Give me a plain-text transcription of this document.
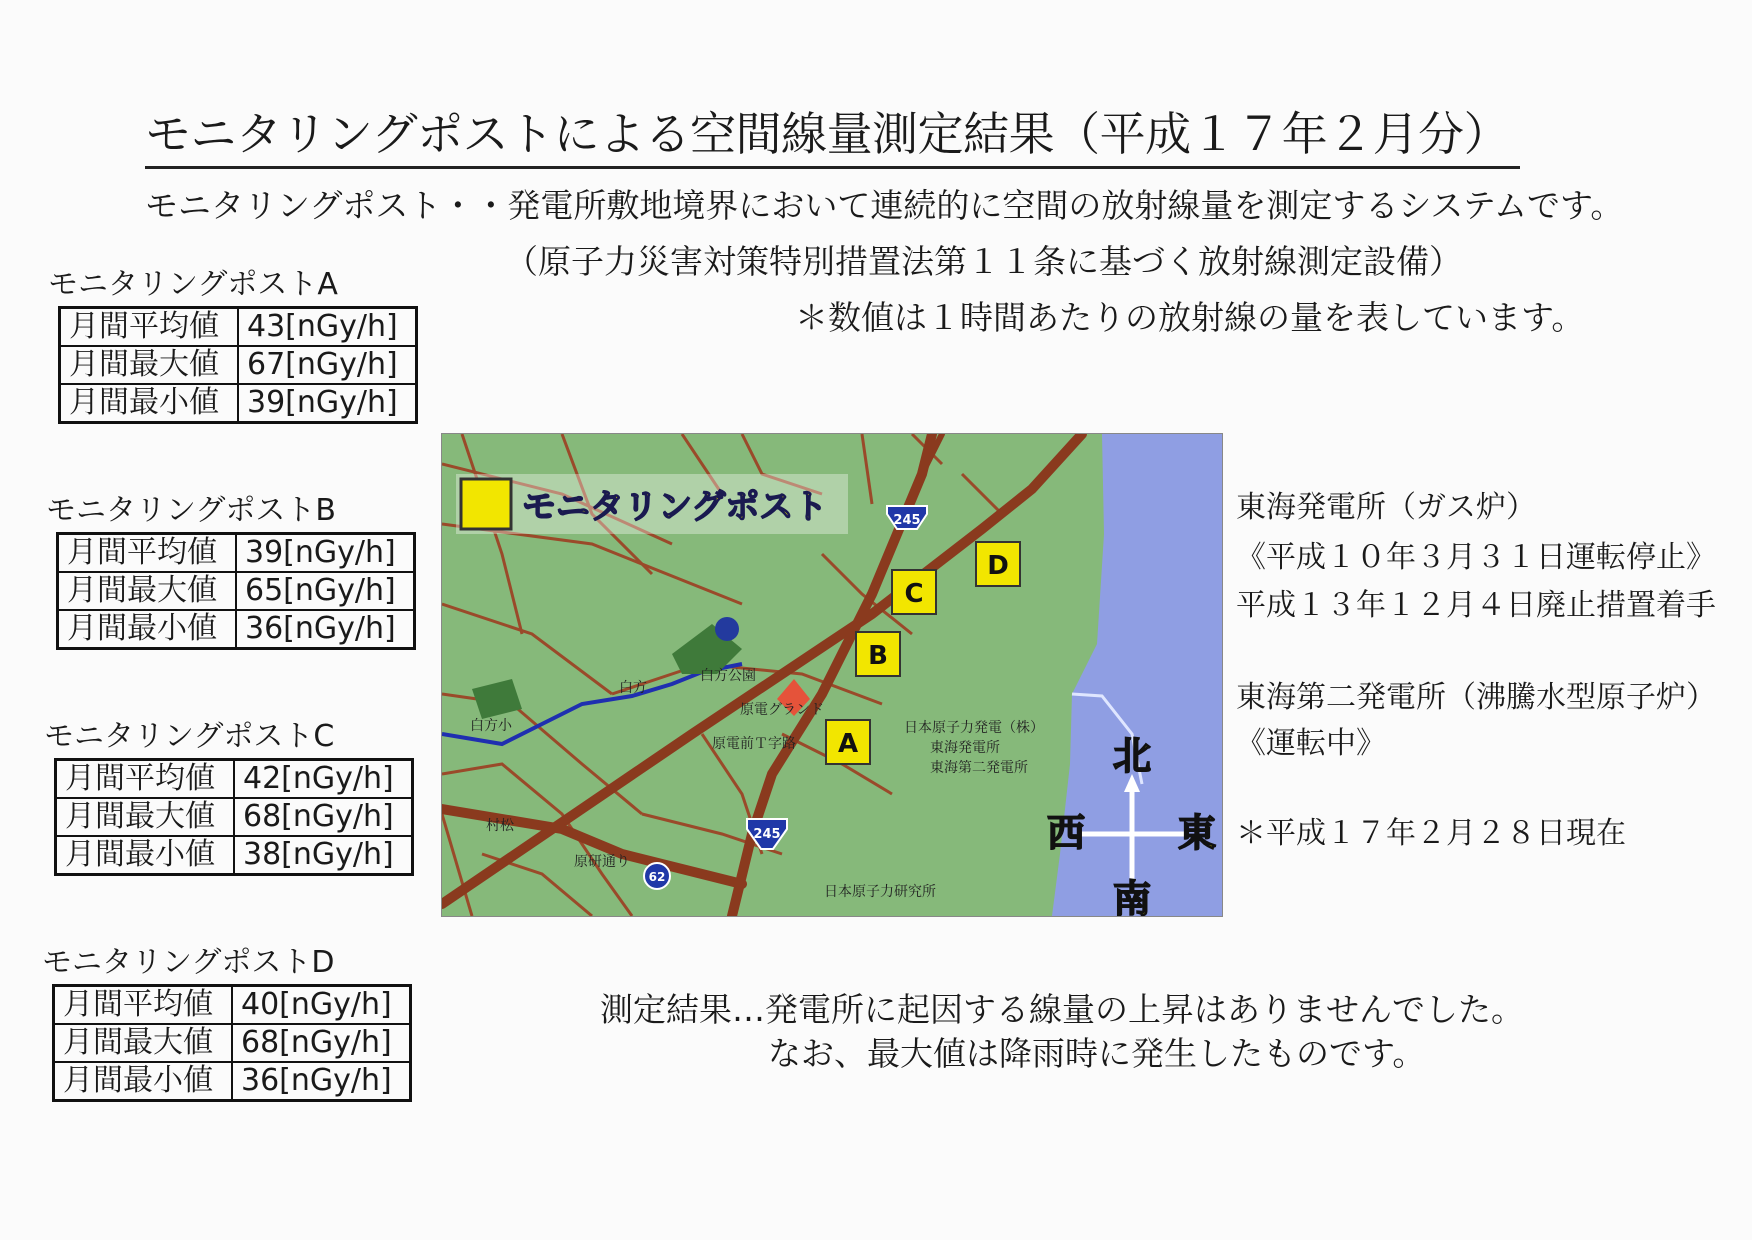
モニタリングポストによる空間線量測定結果（平成１７年２月分）
モニタリングポスト・・発電所敷地境界において連続的に空間の放射線量を測定するシステムです。
（原子力災害対策特別措置法第１１条に基づく放射線測定設備）
＊数値は１時間あたりの放射線の量を表しています。
モニタリングポストA
月間平均値	43[nGy/h]
月間最大値	67[nGy/h]
月間最小値	39[nGy/h]
モニタリングポストB
月間平均値	39[nGy/h]
月間最大値	65[nGy/h]
月間最小値	36[nGy/h]
モニタリングポストC
月間平均値	42[nGy/h]
月間最大値	68[nGy/h]
月間最小値	38[nGy/h]
モニタリングポストD
月間平均値	40[nGy/h]
月間最大値	68[nGy/h]
月間最小値	36[nGy/h]
245
245
62
白方公園
白方
白方小
原電グランド
原電前Ｔ字路
村松
原研通り
日本原子力研究所
日本原子力発電（株）
東海発電所
東海第二発電所
モニタリングポスト
A
B
C
D
北
南
東
西
東海発電所（ガス炉）
《平成１０年３月３１日運転停止》
平成１３年１２月４日廃止措置着手
東海第二発電所（沸騰水型原子炉）
《運転中》
＊平成１７年２月２８日現在
測定結果…発電所に起因する線量の上昇はありませんでした。
なお、最大値は降雨時に発生したものです。
